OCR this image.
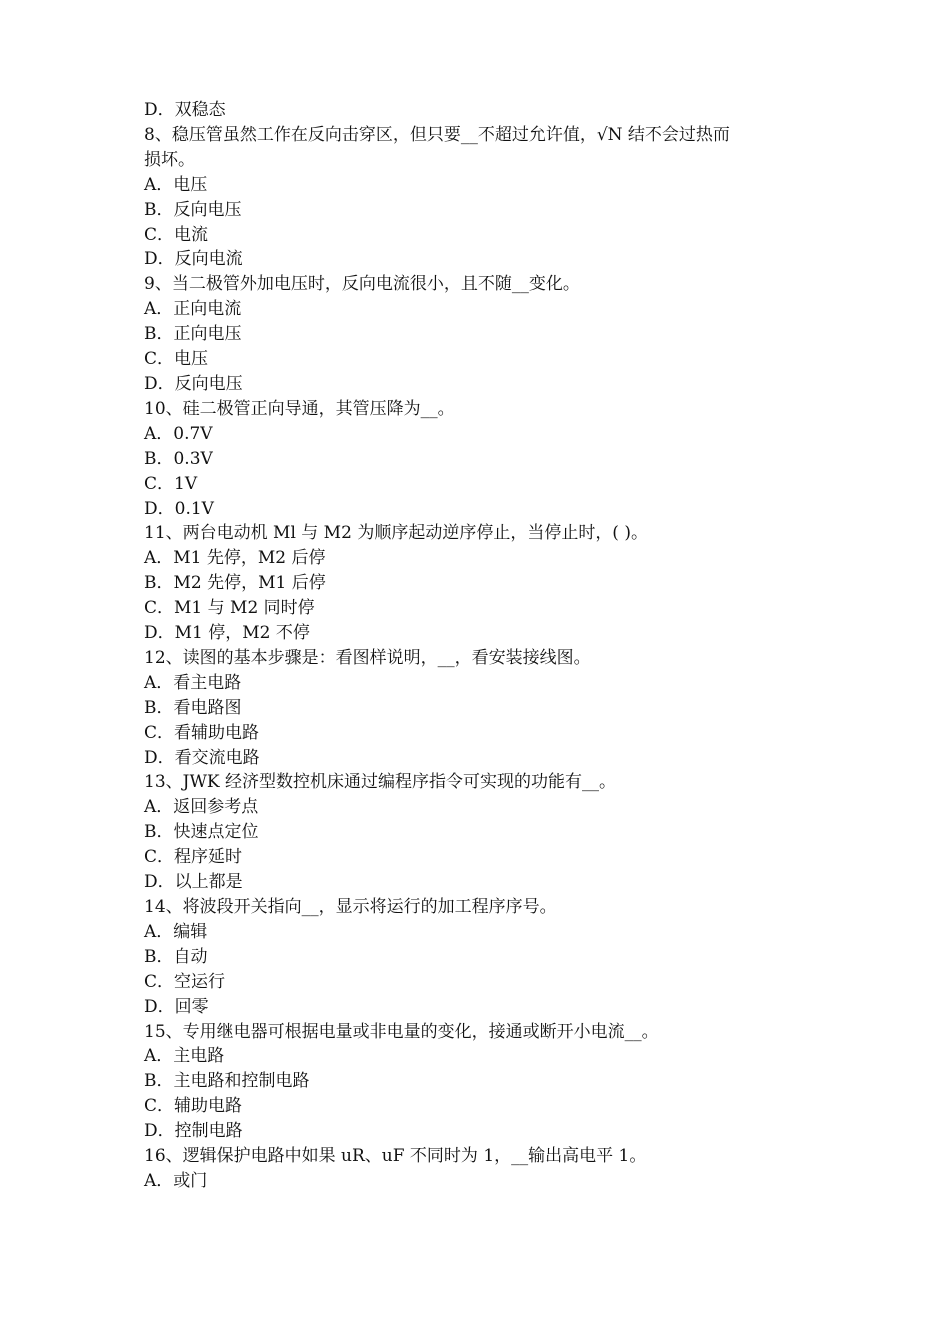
D．双稳态
8、稳压管虽然工作在反向击穿区，但只要__不超过允许值，√N 结不会过热而
损坏。
A．电压
B．反向电压
C．电流
D．反向电流
9、当二极管外加电压时，反向电流很小，且不随__变化。
A．正向电流
B．正向电压
C．电压
D．反向电压
10、硅二极管正向导通，其管压降为__。
A．0.7V
B．0.3V
C．1V
D．0.1V
11、两台电动机 Ml 与 M2 为顺序起动逆序停止，当停止时，( )。
A．M1 先停，M2 后停
B．M2 先停，M1 后停
C．M1 与 M2 同时停
D．M1 停，M2 不停
12、读图的基本步骤是：看图样说明，__，看安装接线图。
A．看主电路
B．看电路图
C．看辅助电路
D．看交流电路
13、JWK 经济型数控机床通过编程序指令可实现的功能有__。
A．返回参考点
B．快速点定位
C．程序延时
D．以上都是
14、将波段开关指向__，显示将运行的加工程序序号。
A．编辑
B．自动
C．空运行
D．回零
15、专用继电器可根据电量或非电量的变化，接通或断开小电流__。
A．主电路
B．主电路和控制电路
C．辅助电路
D．控制电路
16、逻辑保护电路中如果 uR、uF 不同时为 1，__输出高电平 1。
A．或门
